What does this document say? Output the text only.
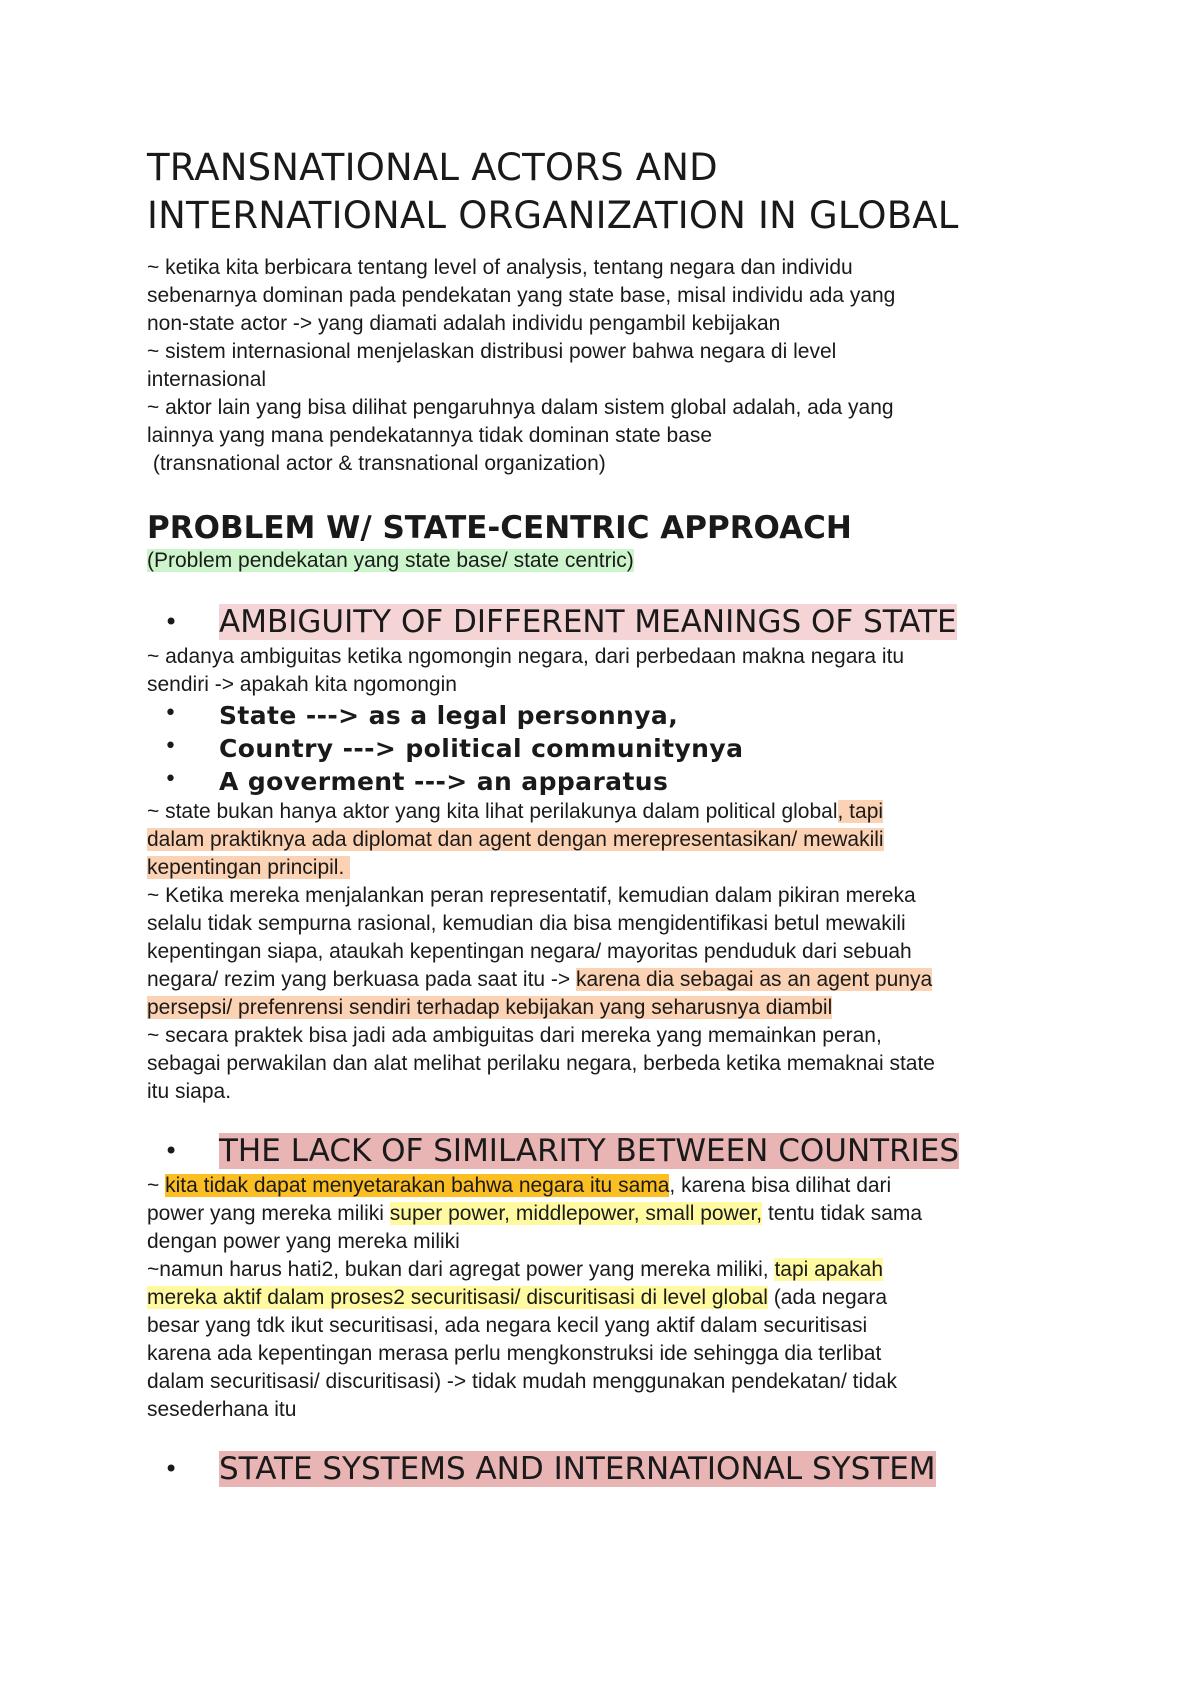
TRANSNATIONAL ACTORS AND
INTERNATIONAL ORGANIZATION IN GLOBAL
~ ketika kita berbicara tentang level of analysis, tentang negara dan individu
sebenarnya dominan pada pendekatan yang state base, misal individu ada yang
non-state actor -> yang diamati adalah individu pengambil kebijakan
~ sistem internasional menjelaskan distribusi power bahwa negara di level
internasional
~ aktor lain yang bisa dilihat pengaruhnya dalam sistem global adalah, ada yang
lainnya yang mana pendekatannya tidak dominan state base
(transnational actor & transnational organization)
PROBLEM W/ STATE-CENTRIC APPROACH
(Problem pendekatan yang state base/ state centric)
• AMBIGUITY OF DIFFERENT MEANINGS OF STATE
~ adanya ambiguitas ketika ngomongin negara, dari perbedaan makna negara itu
sendiri -> apakah kita ngomongin
• State ---> as a legal personnya,
• Country ---> political communitynya
• A goverment ---> an apparatus
~ state bukan hanya aktor yang kita lihat perilakunya dalam political global, tapi
dalam praktiknya ada diplomat dan agent dengan merepresentasikan/ mewakili
kepentingan principil.
~ Ketika mereka menjalankan peran representatif, kemudian dalam pikiran mereka
selalu tidak sempurna rasional, kemudian dia bisa mengidentifikasi betul mewakili
kepentingan siapa, ataukah kepentingan negara/ mayoritas penduduk dari sebuah
negara/ rezim yang berkuasa pada saat itu -> karena dia sebagai as an agent punya
persepsi/ prefenrensi sendiri terhadap kebijakan yang seharusnya diambil
~ secara praktek bisa jadi ada ambiguitas dari mereka yang memainkan peran,
sebagai perwakilan dan alat melihat perilaku negara, berbeda ketika memaknai state
itu siapa.
• THE LACK OF SIMILARITY BETWEEN COUNTRIES
~ kita tidak dapat menyetarakan bahwa negara itu sama, karena bisa dilihat dari
power yang mereka miliki super power, middlepower, small power, tentu tidak sama
dengan power yang mereka miliki
~namun harus hati2, bukan dari agregat power yang mereka miliki, tapi apakah
mereka aktif dalam proses2 securitisasi/ discuritisasi di level global (ada negara
besar yang tdk ikut securitisasi, ada negara kecil yang aktif dalam securitisasi
karena ada kepentingan merasa perlu mengkonstruksi ide sehingga dia terlibat
dalam securitisasi/ discuritisasi) -> tidak mudah menggunakan pendekatan/ tidak
sesederhana itu
• STATE SYSTEMS AND INTERNATIONAL SYSTEM
